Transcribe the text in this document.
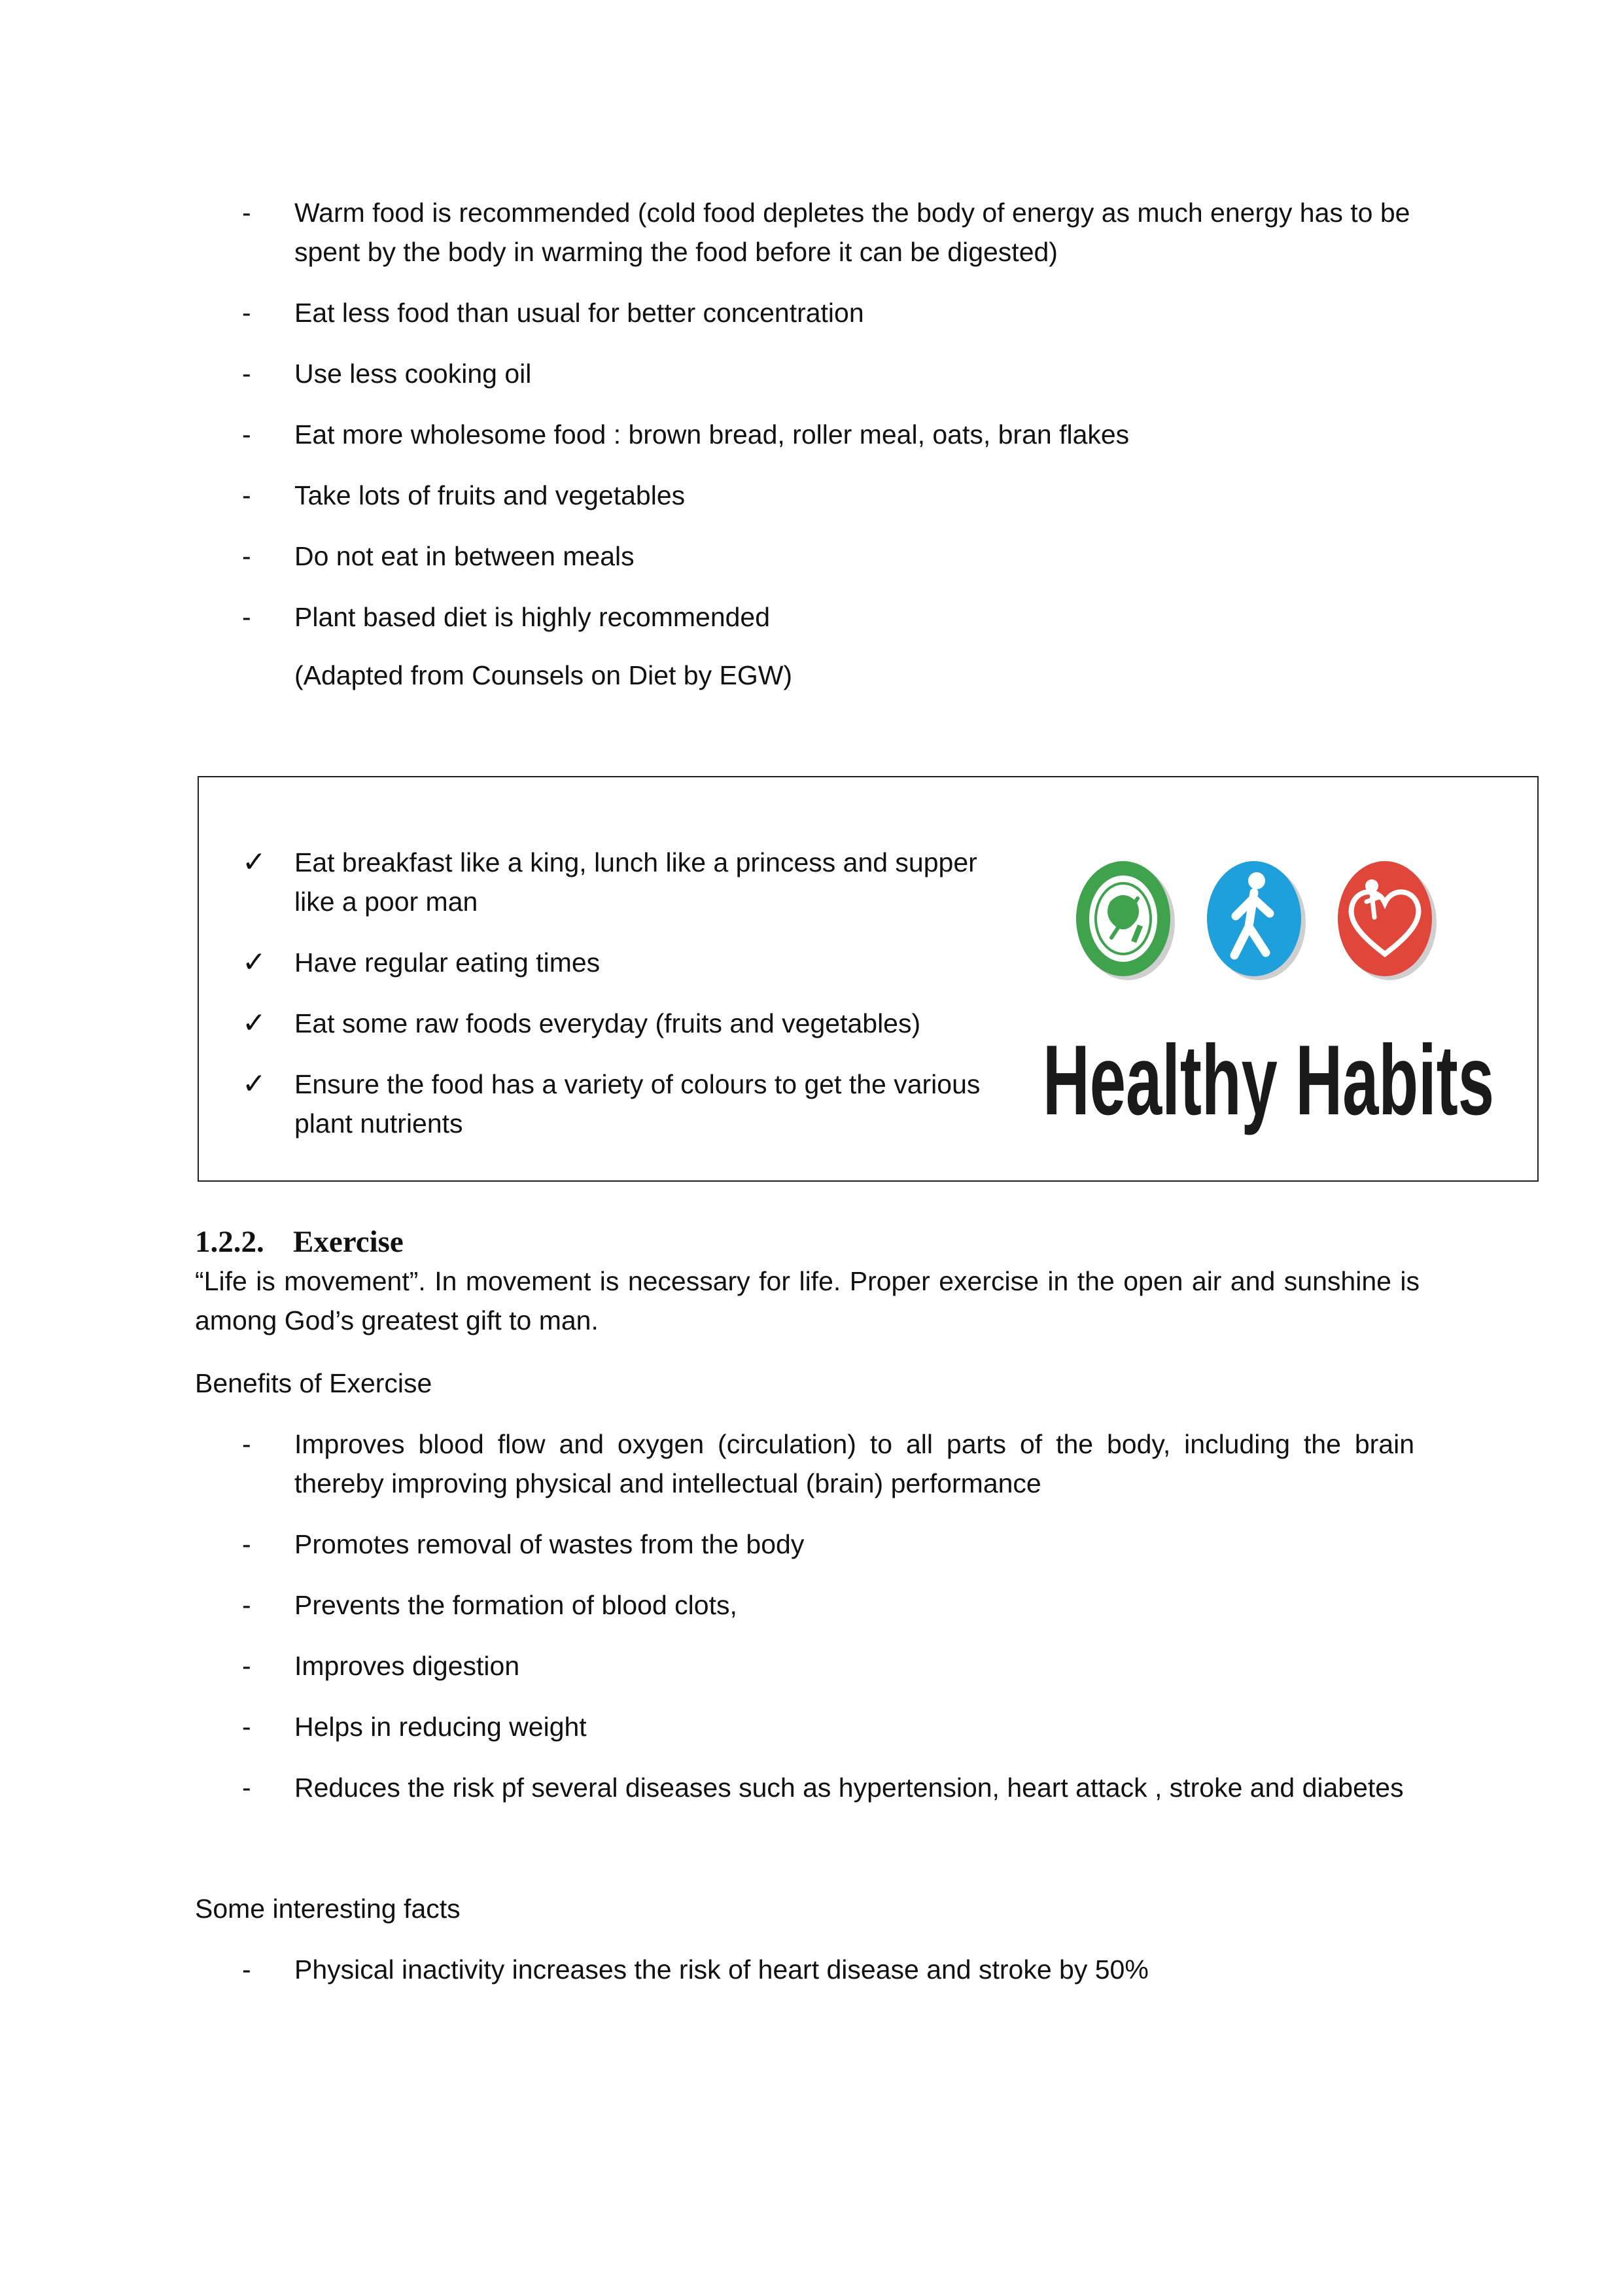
-	Warm food is recommended (cold food depletes the body of energy as much energy has to be spent by the body in warming the food before it can be digested)
-	Eat less food than usual for better concentration
-	Use less cooking oil
-	Eat more wholesome food : brown bread, roller meal, oats, bran flakes
-	Take lots of fruits and vegetables
-	Do not eat in between meals
-	Plant based diet is highly recommended
(Adapted from Counsels on Diet by EGW)
✓	Eat breakfast like a king, lunch like a princess and supper like a poor man
✓	Have regular eating times
✓	Eat some raw foods everyday (fruits and vegetables)
✓	Ensure the food has a variety of colours to get the various plant nutrients	Healthy Habits
1.2.2. Exercise

“Life is movement”. In movement is necessary for life. Proper exercise in the open air and sunshine is among God’s greatest gift to man.

Benefits of Exercise

-	Improves blood flow and oxygen (circulation) to all parts of the body, including the brain thereby improving physical and intellectual (brain) performance
-	Promotes removal of wastes from the body
-	Prevents the formation of blood clots,
-	Improves digestion
-	Helps in reducing weight
-	Reduces the risk pf several diseases such as hypertension, heart attack , stroke and diabetes

Some interesting facts

-	Physical inactivity increases the risk of heart disease and stroke by 50%
